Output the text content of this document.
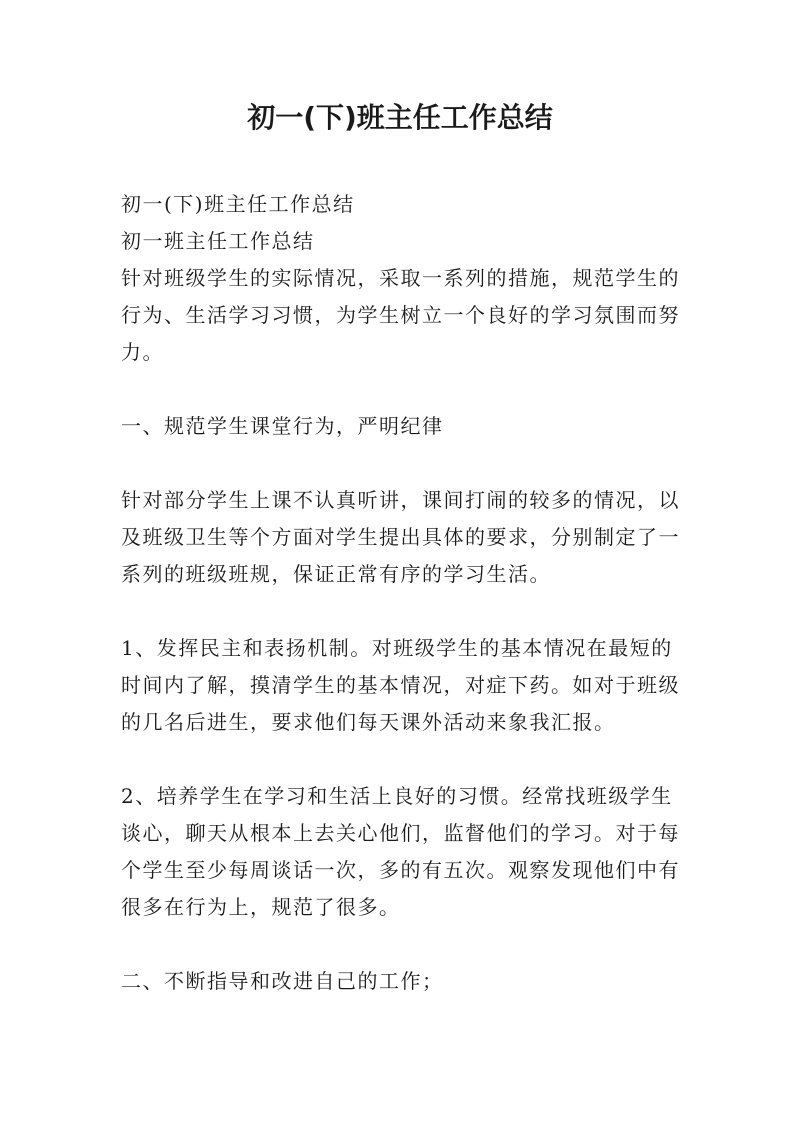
初一(下)班主任工作总结

初一(下)班主任工作总结

初一班主任工作总结

针对班级学生的实际情况，采取一系列的措施，规范学生的行为、生活学习习惯，为学生树立一个良好的学习氛围而努力。

一、规范学生课堂行为，严明纪律

针对部分学生上课不认真听讲，课间打闹的较多的情况，以及班级卫生等个方面对学生提出具体的要求，分别制定了一系列的班级班规，保证正常有序的学习生活。

1、发挥民主和表扬机制。对班级学生的基本情况在最短的时间内了解，摸清学生的基本情况，对症下药。如对于班级的几名后进生，要求他们每天课外活动来象我汇报。

2、培养学生在学习和生活上良好的习惯。经常找班级学生谈心，聊天从根本上去关心他们，监督他们的学习。对于每个学生至少每周谈话一次，多的有五次。观察发现他们中有很多在行为上，规范了很多。

二、不断指导和改进自己的工作；
